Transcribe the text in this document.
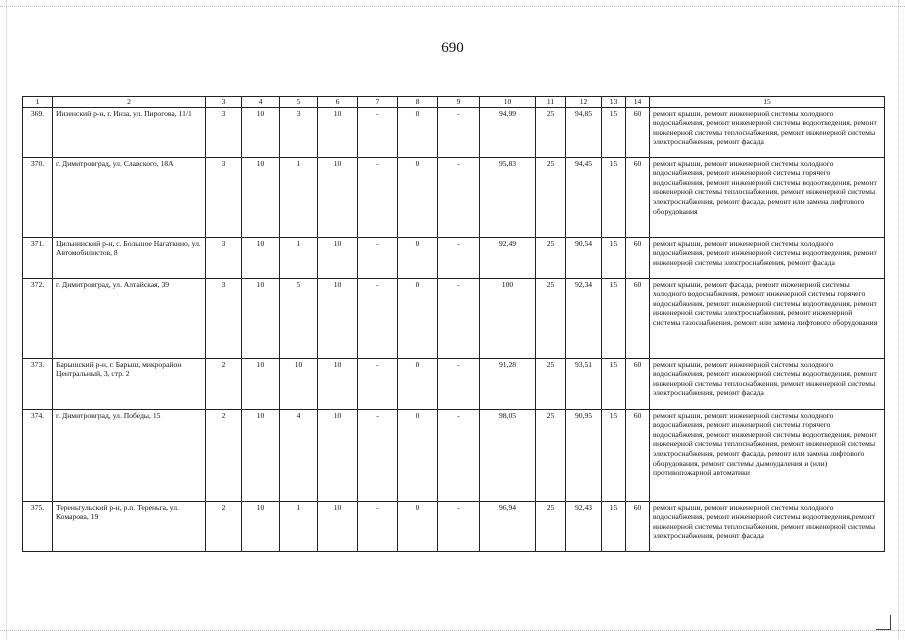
690
1	2	3	4	5	6	7	8	9	10	11	12	13	14	15
369.	Инзенский р-н, г. Инза, ул. Пирогова, 11/1	3	10	3	10	-	0	-	94,99	25	94,85	15	60	ремонт крыши, ремонт инженерной системы холодного водоснабжения, ремонт инженерной системы водоотведения, ремонт инженерной системы теплоснабжения, ремонт инженерной системы электроснабжения, ремонт фасада
370.	г. Димитровград, ул. Славского, 18А	3	10	1	10	-	0	-	95,83	25	94,45	15	60	ремонт крыши, ремонт инженерной системы холодного водоснабжения, ремонт инженерной системы горячего водоснабжения, ремонт инженерной системы водоотведения, ремонт инженерной системы теплоснабжения, ремонт инженерной системы электроснабжения, ремонт фасада, ремонт или замена лифтового оборудования
371.	Цильнинский р-н, с. Большое Нагаткино, ул. Автомобилистов, 8	3	10	1	10	-	0	-	92,49	25	90,54	15	60	ремонт крыши, ремонт инженерной системы холодного водоснабжения, ремонт инженерной системы водоотведения, ремонт инженерной системы электроснабжения, ремонт фасада
372.	г. Димитровград, ул. Алтайская, 39	3	10	5	10	-	0	-	100	25	92,34	15	60	ремонт крыши, ремонт фасада, ремонт инженерной системы холодного водоснабжения, ремонт инженерной системы горячего водоснабжения, ремонт инженерной системы водоотведения, ремонт инженерной системы электроснабжения, ремонт инженерной системы газоснабжения, ремонт или замена лифтового оборудования
373.	Барышский р-н, г. Барыш, микрорайон Центральный, 3, стр. 2	2	10	10	10	-	0	-	91,28	25	93,51	15	60	ремонт крыши, ремонт инженерной системы холодного водоснабжения, ремонт инженерной системы водоотведения, ремонт инженерной системы теплоснабжения, ремонт инженерной системы электроснабжения, ремонт фасада
374.	г. Димитровград, ул. Победы, 15	2	10	4	10	-	0	-	98,05	25	90,95	15	60	ремонт крыши, ремонт инженерной системы холодного водоснабжения, ремонт инженерной системы горячего водоснабжения, ремонт инженерной системы водоотведения, ремонт инженерной системы теплоснабжения, ремонт инженерной системы электроснабжения, ремонт фасада, ремонт или замена лифтового оборудования, ремонт системы дымоудаления и (или) противопожарной автоматики
375.	Тереньгульский р-н, р.п. Тереньга, ул. Комарова, 19	2	10	1	10	-	0	-	96,94	25	92,43	15	60	ремонт крыши, ремонт инженерной системы холодного водоснабжения, ремонт инженерной системы водоотведения,ремонт инженерной системы теплоснабжения, ремонт инженерной системы электроснабжения, ремонт фасада
